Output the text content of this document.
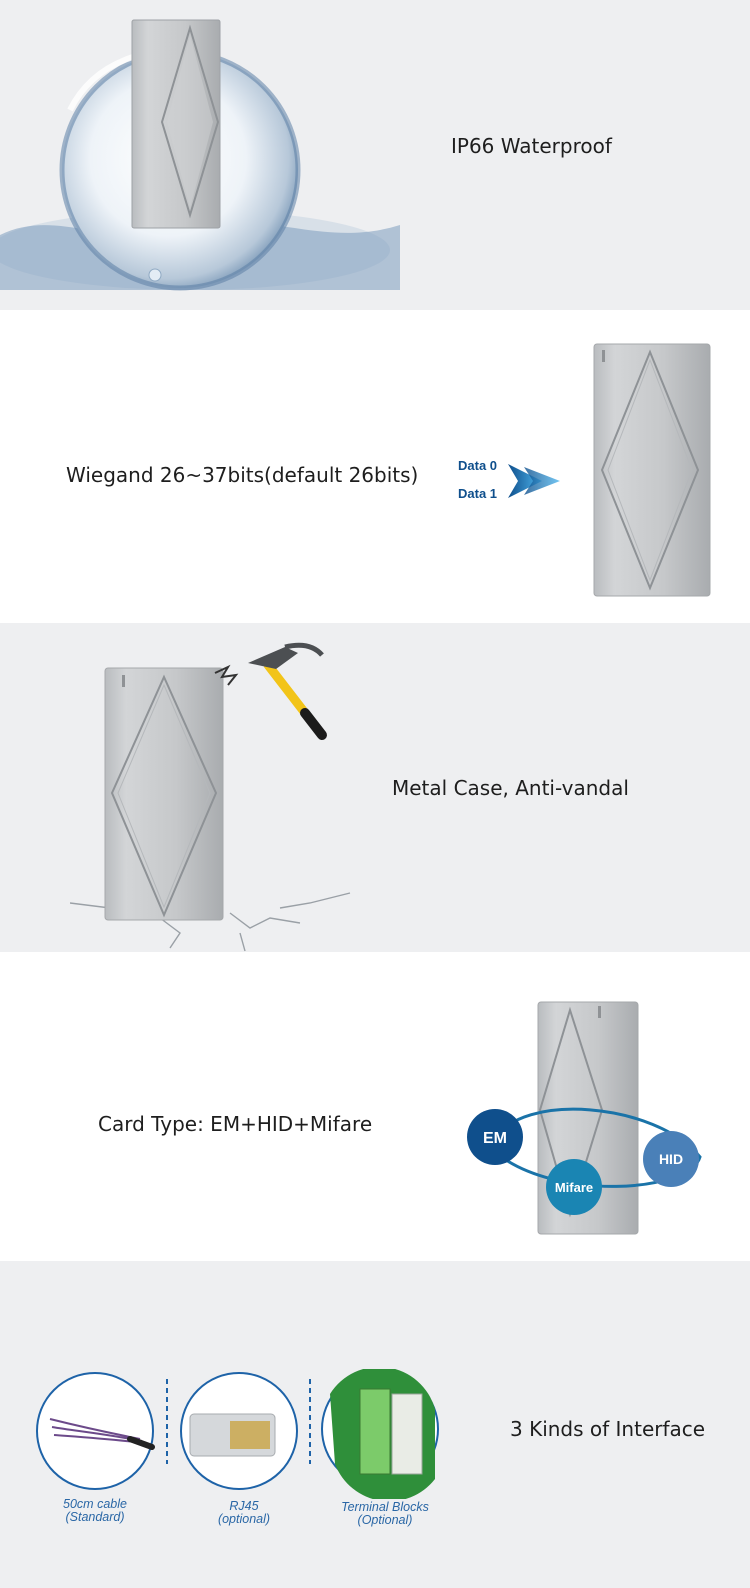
IP66 Waterproof
Wiegand 26~37bits(default 26bits)	Data 0
Data 1
Metal Case, Anti-vandal
Card Type: EM+HID+Mifare
EM
HID
Mifare
50cm cable
(Standard)
RJ45
(optional)
Terminal Blocks
(Optional)
3 Kinds of Interface
